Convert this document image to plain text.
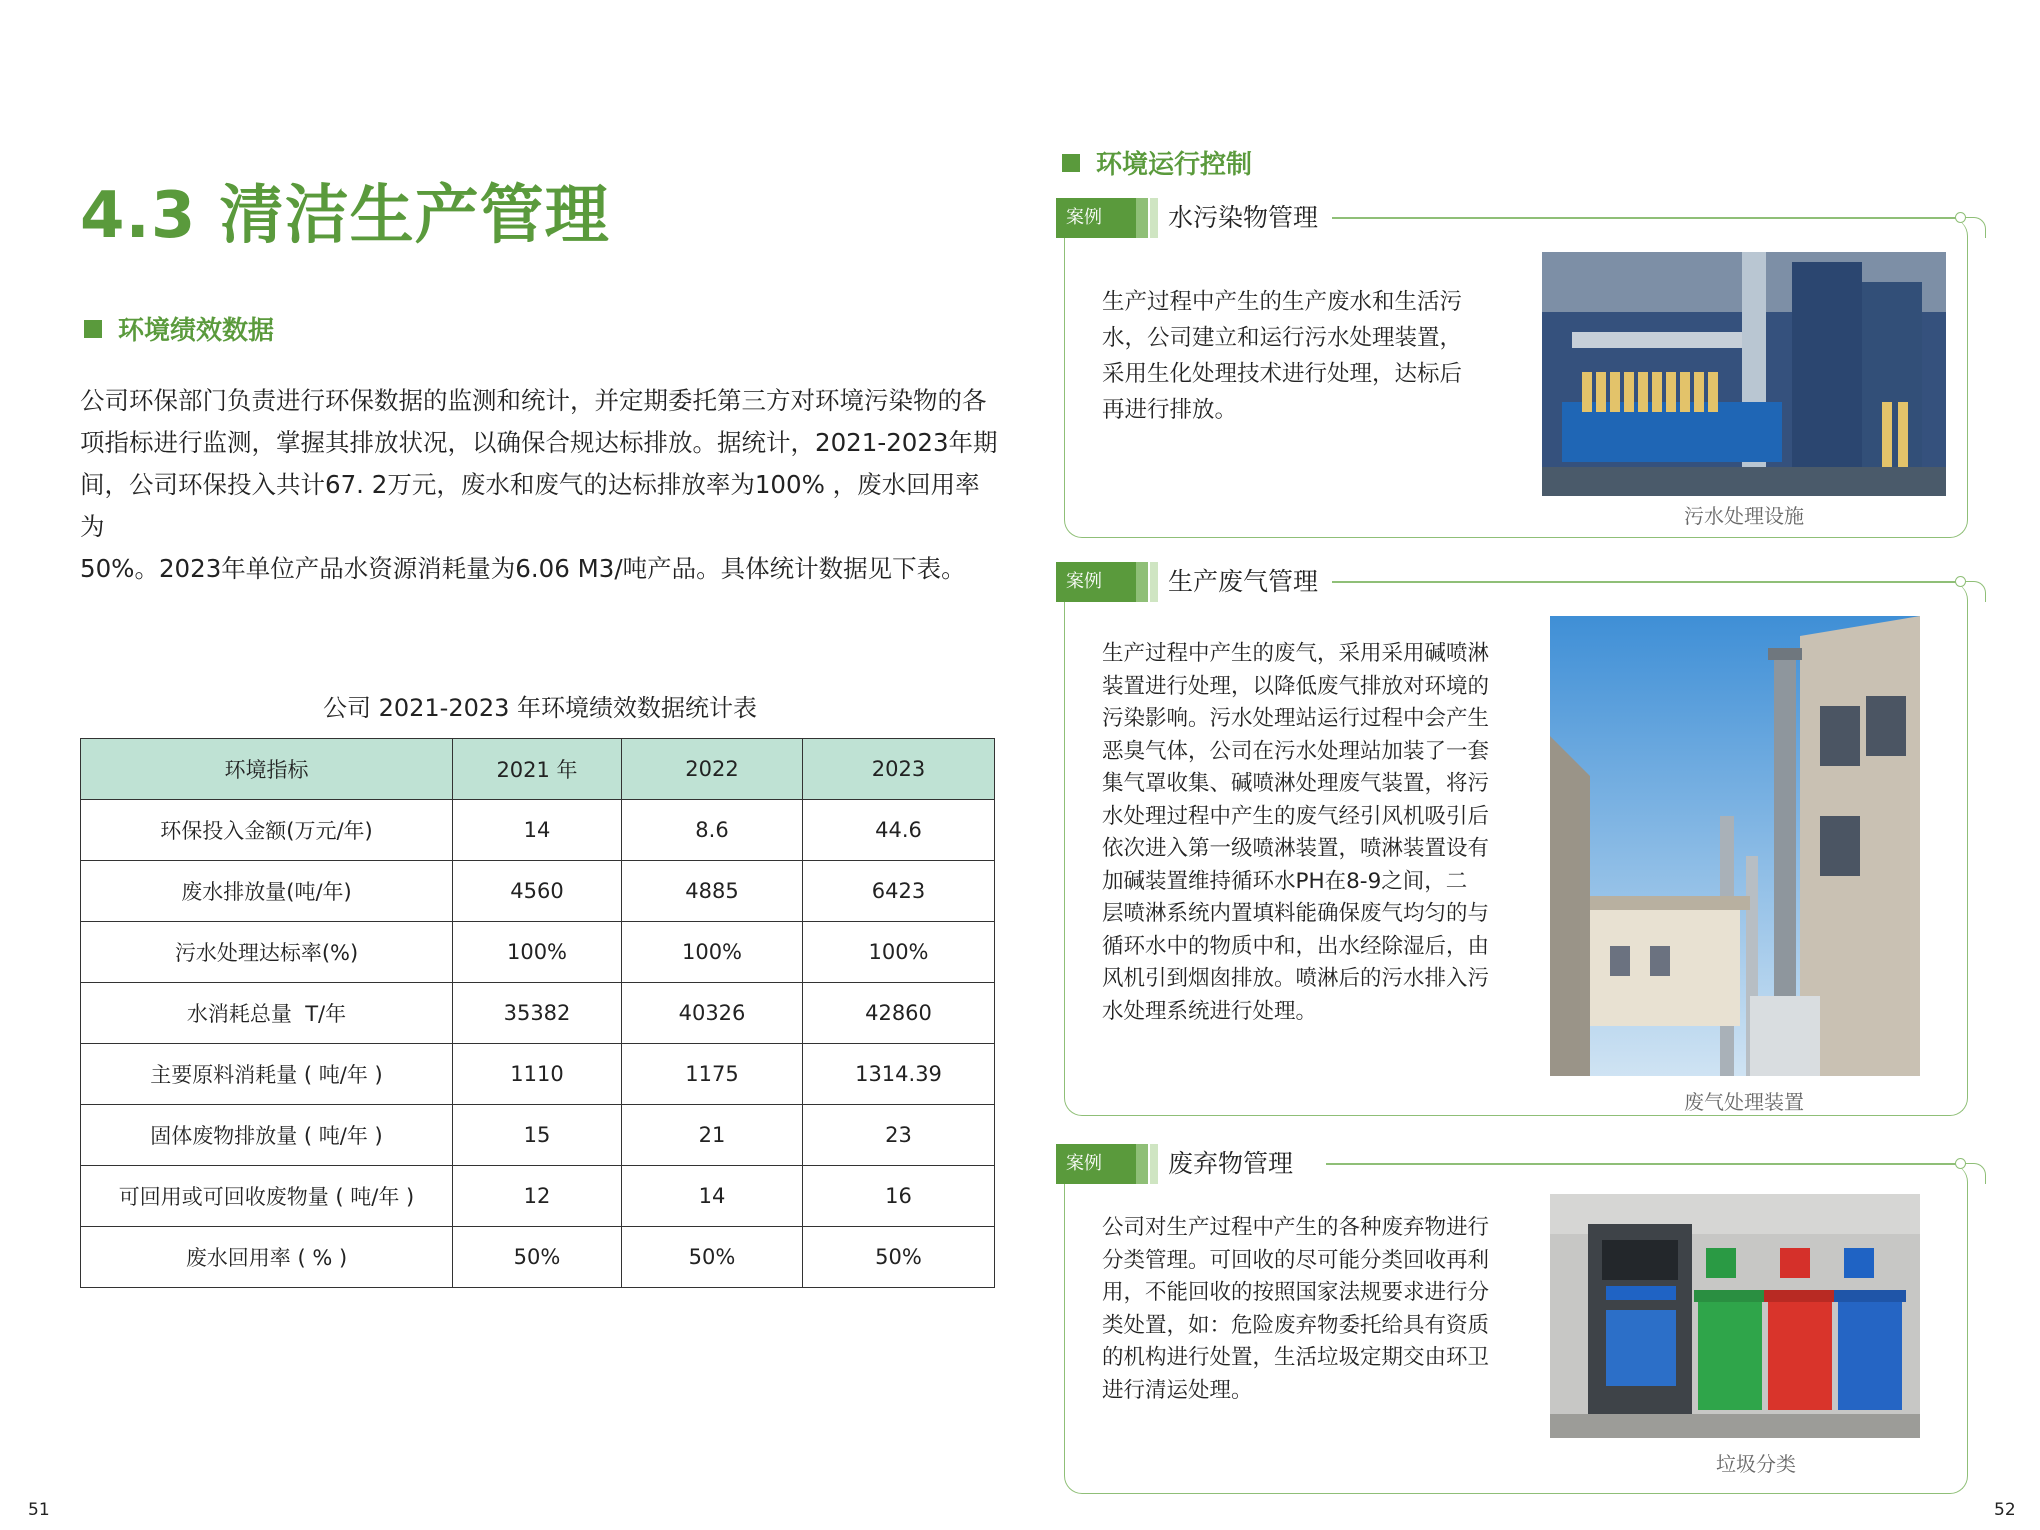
4.3 清洁生产管理
环境绩效数据

公司环保部门负责进行环保数据的监测和统计，并定期委托第三方对环境污染物的各

项指标进行监测，掌握其排放状况，以确保合规达标排放。据统计，2021-2023年期

间，公司环保投入共计67. 2万元，废水和废气的达标排放率为100% ，废水回用率为

50%。2023年单位产品水资源消耗量为6.06 M3/吨产品。具体统计数据见下表。

公司 2021-2023 年环境绩效数据统计表
环境指标	2021 年	2022	2023
环保投入金额(万元/年)	14	8.6	44.6
废水排放量(吨/年)	4560	4885	6423
污水处理达标率(%)	100%	100%	100%
水消耗总量  T/年	35382	40326	42860
主要原料消耗量 ( 吨/年 )	1110	1175	1314.39
固体废物排放量 ( 吨/年 )	15	21	23
可回用或可回收废物量 ( 吨/年 )	12	14	16
废水回用率 ( % )	50%	50%	50%
51
环境运行控制
案例	水污染物管理
生产过程中产生的生产废水和生活污
水，公司建立和运行污水处理装置，
采用生化处理技术进行处理，达标后
再进行排放。
污水处理设施
案例	生产废气管理
生产过程中产生的废气，采用采用碱喷淋
装置进行处理，以降低废气排放对环境的
污染影响。污水处理站运行过程中会产生
恶臭气体，公司在污水处理站加装了一套
集气罩收集、碱喷淋处理废气装置，将污
水处理过程中产生的废气经引风机吸引后
依次进入第一级喷淋装置，喷淋装置设有
加碱装置维持循环水PH在8-9之间，二
层喷淋系统内置填料能确保废气均匀的与
循环水中的物质中和，出水经除湿后，由
风机引到烟囱排放。喷淋后的污水排入污
水处理系统进行处理。
废气处理装置
案例	废弃物管理
公司对生产过程中产生的各种废弃物进行
分类管理。可回收的尽可能分类回收再利
用，不能回收的按照国家法规要求进行分
类处置，如：危险废弃物委托给具有资质
的机构进行处置，生活垃圾定期交由环卫
进行清运处理。
垃圾分类
52
